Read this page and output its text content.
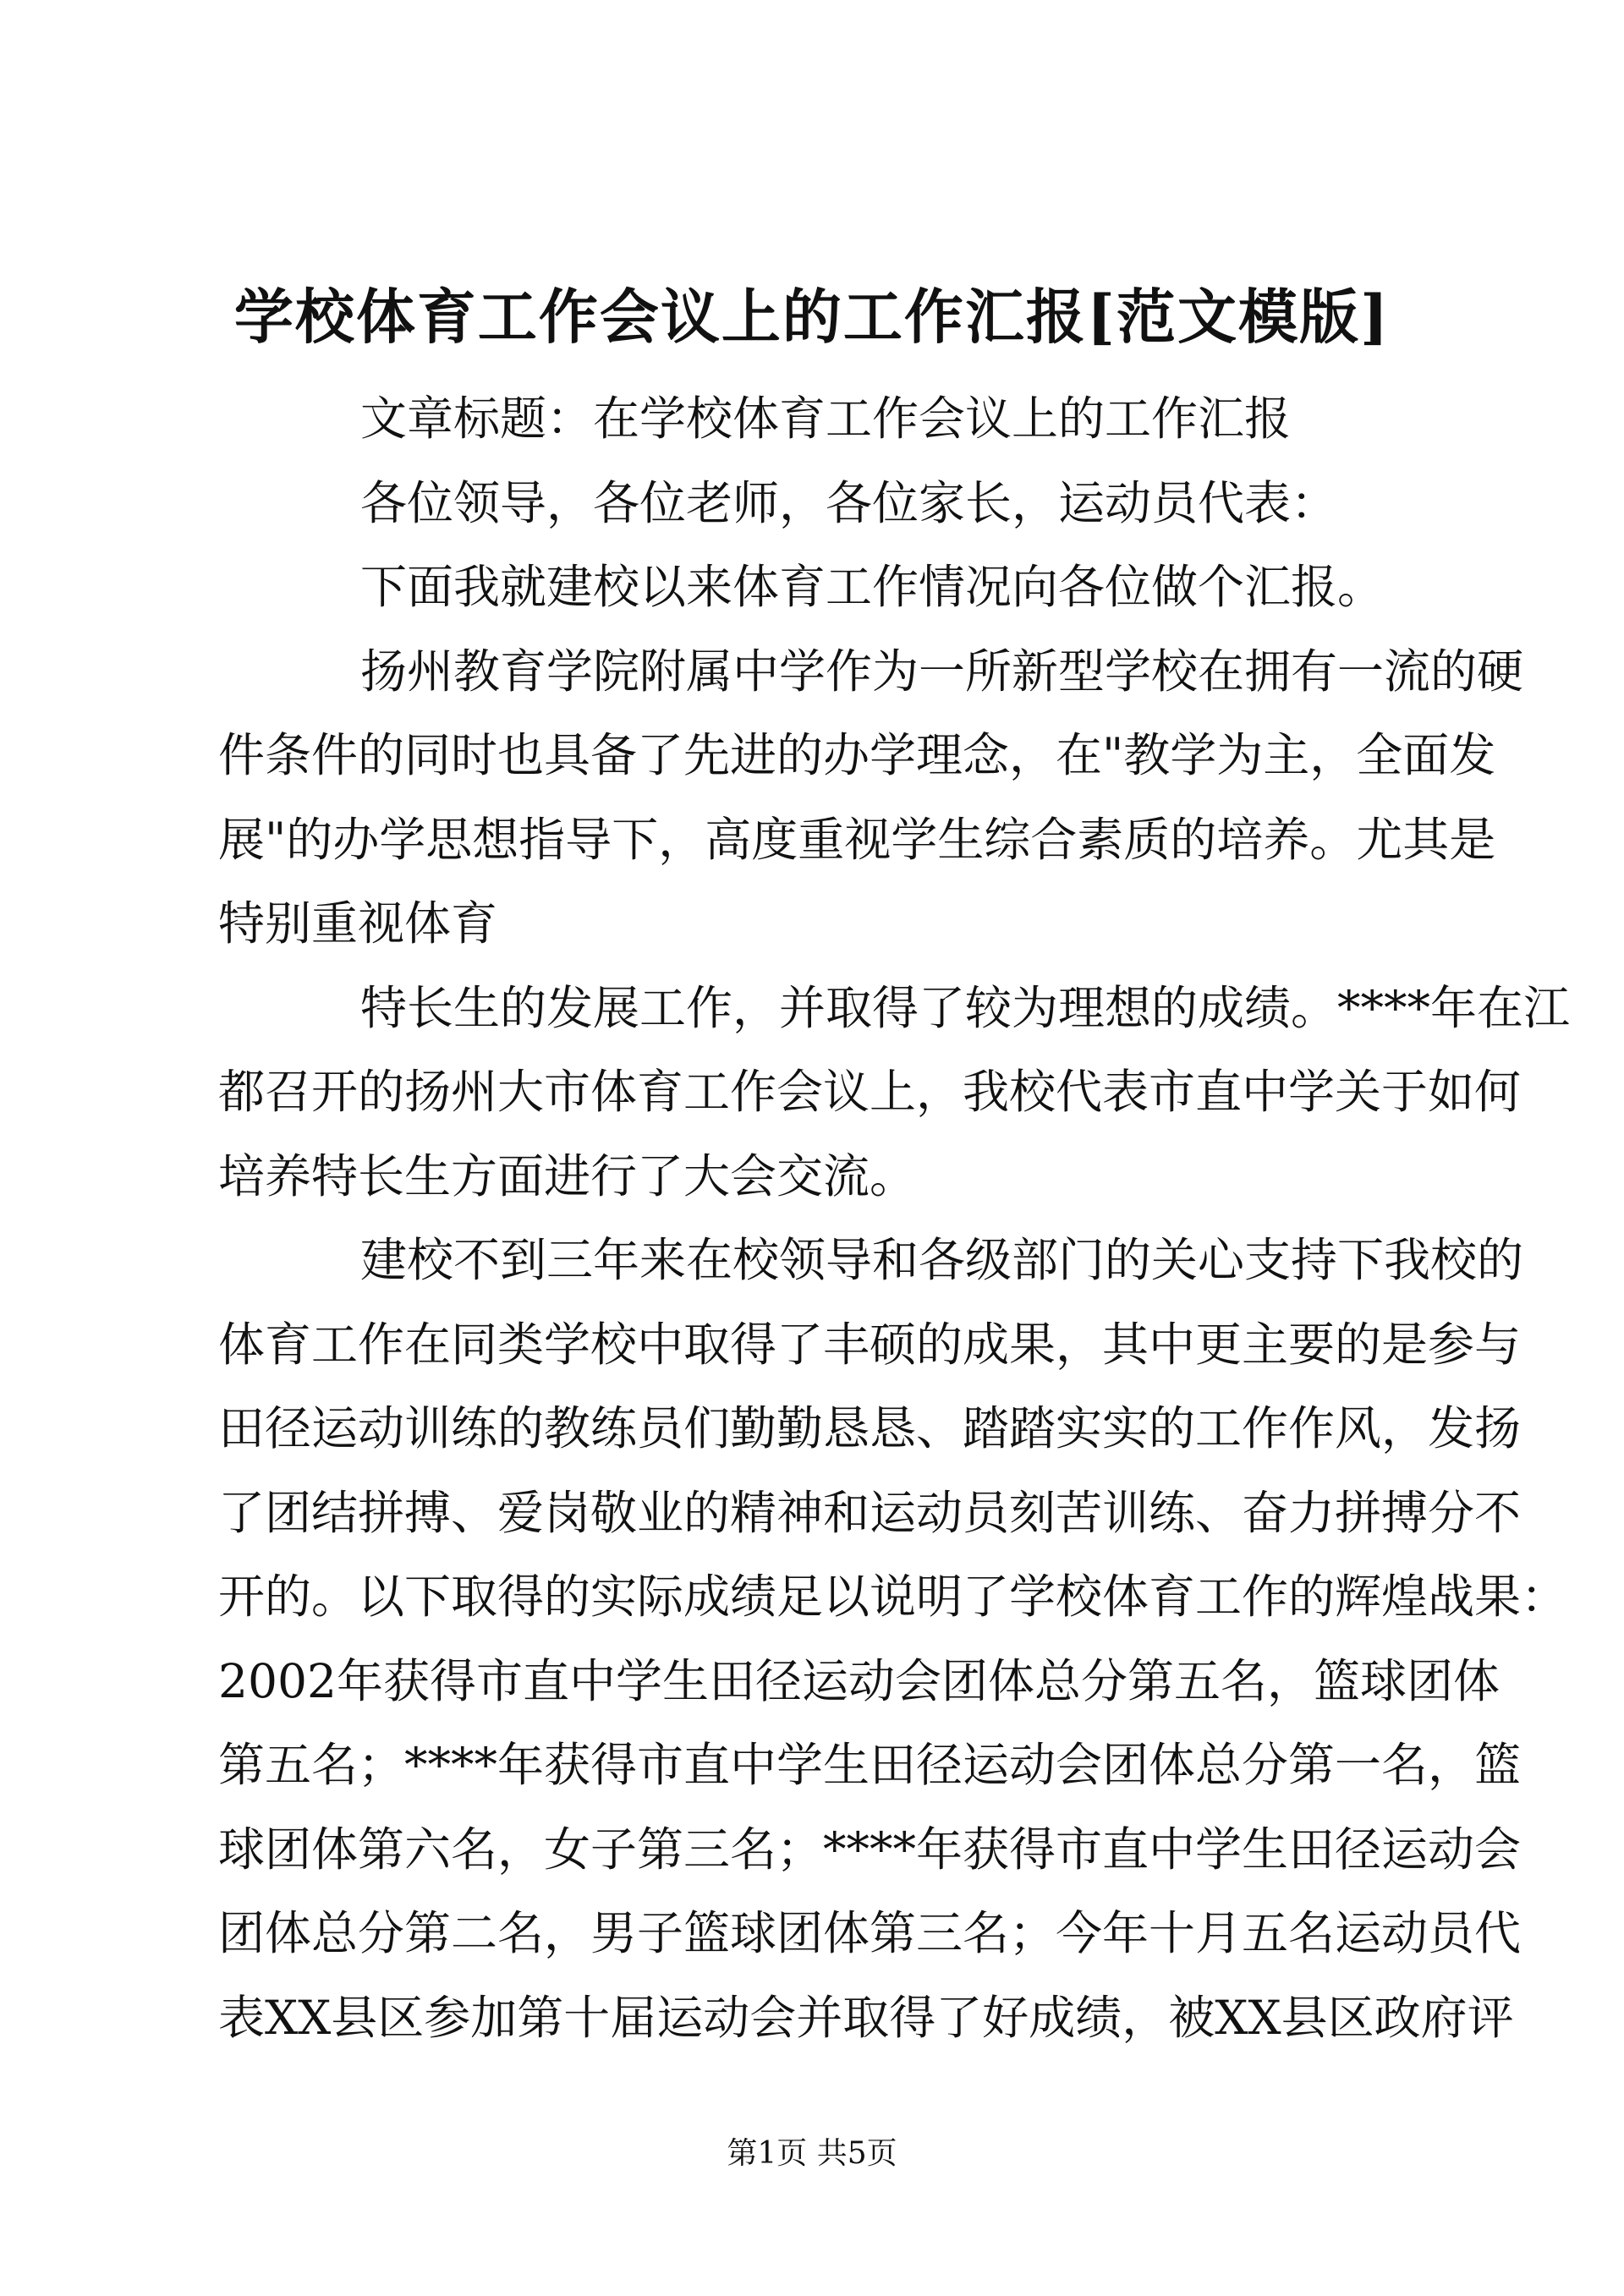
学校体育工作会议上的工作汇报[范文模版]
文章标题：在学校体育工作会议上的工作汇报
各位领导，各位老师，各位家长，运动员代表：
下面我就建校以来体育工作情况向各位做个汇报。
扬州教育学院附属中学作为一所新型学校在拥有一流的硬
件条件的同时也具备了先进的办学理念，在"教学为主，全面发
展"的办学思想指导下，高度重视学生综合素质的培养。尤其是
特别重视体育
特长生的发展工作，并取得了较为理想的成绩。****年在江
都召开的扬州大市体育工作会议上，我校代表市直中学关于如何
培养特长生方面进行了大会交流。
建校不到三年来在校领导和各级部门的关心支持下我校的
体育工作在同类学校中取得了丰硕的成果，其中更主要的是参与
田径运动训练的教练员们勤勤恳恳、踏踏实实的工作作风，发扬
了团结拼搏、爱岗敬业的精神和运动员刻苦训练、奋力拼搏分不
开的。以下取得的实际成绩足以说明了学校体育工作的辉煌战果：
2002年获得市直中学生田径运动会团体总分第五名，篮球团体
第五名；****年获得市直中学生田径运动会团体总分第一名，篮
球团体第六名，女子第三名；****年获得市直中学生田径运动会
团体总分第二名，男子篮球团体第三名；今年十月五名运动员代
表XX县区参加第十届运动会并取得了好成绩，被XX县区政府评
第1页 共5页
